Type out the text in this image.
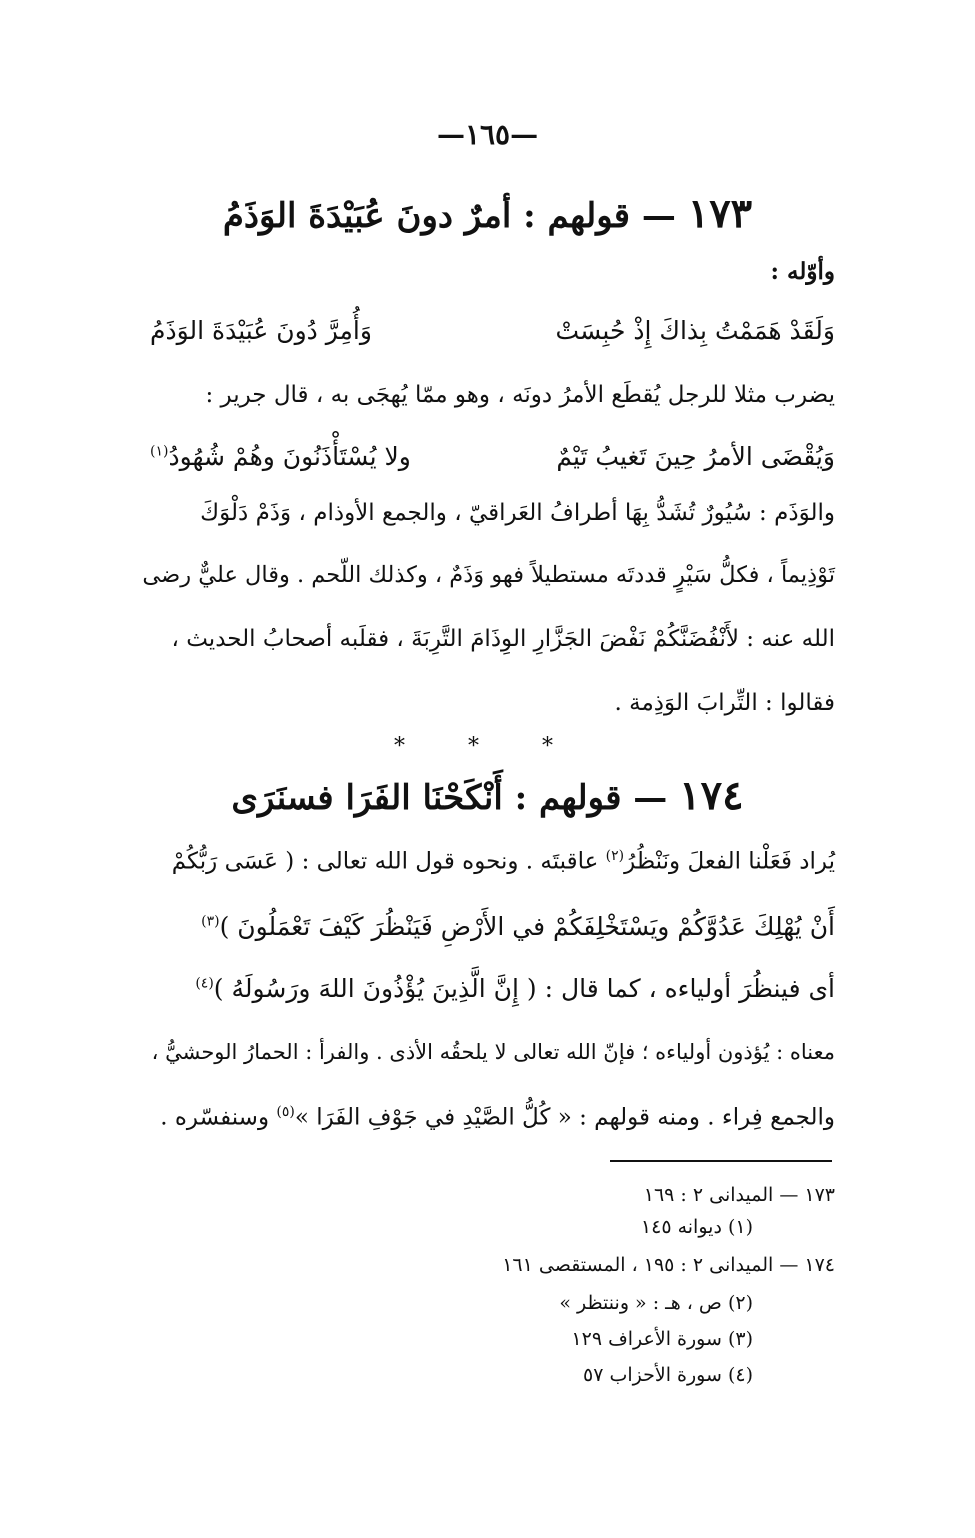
—١٦٥—
١٧٣ — قولهم : أمرٌ دونَ عُبَيْدَةَ الوَذَمُ
وأوّله :
وَلَقَدْ هَمَمْتُ بِذاكَ إِذْ حُبِسَتْ
وَأُمِرَّ دُونَ عُبَيْدَةَ الوَذَمُ
يضرب مثلا للرجل يُقطَع الأمرُ دونَه ، وهو ممّا يُهجَى به ، قال جرير :
وَيُقْضَى الأمرُ حِينَ تَغيبُ تَيْمٌ
ولا يُسْتَأْذَنُونَ وهُمْ شُهُودُ$^{(١)}$
والوَذَم : سُيُورٌ تُشَدُّ بِهَا أطرافُ العَراقيّ ، والجمع الأوذام ، وَذَمْ دَلْوَكَ
تَوْذِيماً ، فكلُّ سَيْرٍ قددتَه مستطيلاً فهو وَذَمٌ ، وكذلك اللّحم . وقال عليٌّ رضى
الله عنه : لأَنْفُضَنَّكُمْ نَفْضَ الجَزَّارِ الوِذَامَ التَّرِبَةَ ، فقلَبه أصحابُ الحديث ،
فقالوا : التِّرابَ الوَذِمة .
* * *
١٧٤ — قولهم : أَنْكَحْنَا الفَرَا فسنَرَى
يُراد فَعَلْنا الفعلَ ونَنْظُرُ$^{(٢)}$ عاقبتَه . ونحوه قول الله تعالى : ( عَسَى رَبُّكُمْ
أَنْ يُهْلِكَ عَدُوَّكُمْ ويَسْتَخْلِفَكُمْ في الأَرْضِ فَيَنْظُرَ كَيْفَ تَعْمَلُونَ )$^{(٣)}$
أى فينظُرَ أولياءه ، كما قال : ( إِنَّ الَّذِينَ يُؤْذُونَ اللهَ ورَسُولَهُ )$^{(٤)}$
معناه : يُؤذون أولياءه ؛ فإنّ الله تعالى لا يلحقُه الأذى . والفرأ : الحمارُ الوحشيُّ ،
والجمع فِراء . ومنه قولهم : « كُلُّ الصَّيْدِ في جَوْفِ الفَرَا »$^{(٥)}$ وسنفسّره .
١٧٣ — الميدانى ٢ : ١٦٩
(١) ديوانه ١٤٥
١٧٤ — الميدانى ٢ : ١٩٥ ، المستقصى ١٦١
(٢) ص ، هـ : « وننتظر »
(٣) سورة الأعراف ١٢٩
(٤) سورة الأحزاب ٥٧
